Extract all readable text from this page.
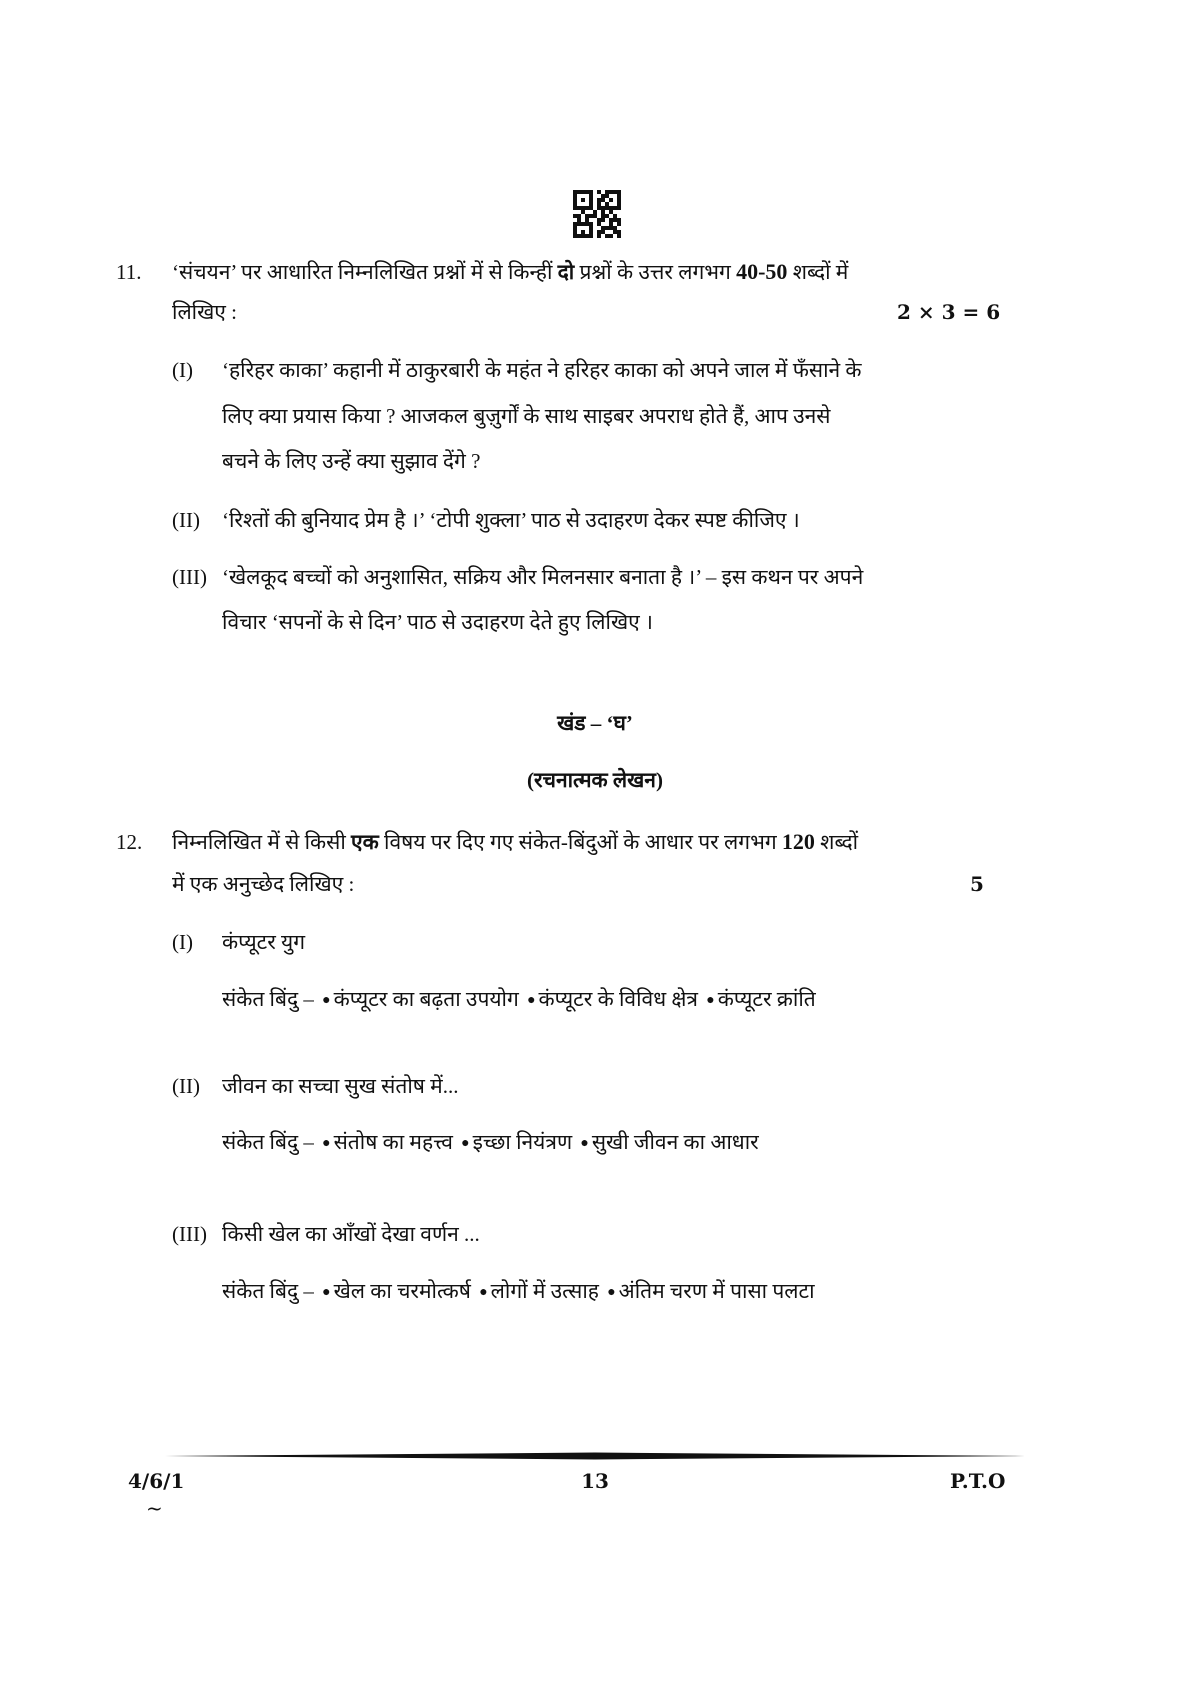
11. ‘संचयन’ पर आधारित निम्नलिखित प्रश्नों में से किन्हीं दो प्रश्नों के उत्तर लगभग 40-50 शब्दों में
लिखिए :	2 × 3 = 6
(I) ‘हरिहर काका’ कहानी में ठाकुरबारी के महंत ने हरिहर काका को अपने जाल में फँसाने के
लिए क्या प्रयास किया ? आजकल बुज़ुर्गों के साथ साइबर अपराध होते हैं, आप उनसे
बचने के लिए उन्हें क्या सुझाव देंगे ?
(II) ‘रिश्तों की बुनियाद प्रेम है ।’ ‘टोपी शुक्ला’ पाठ से उदाहरण देकर स्पष्ट कीजिए ।
(III) ‘खेलकूद बच्चों को अनुशासित, सक्रिय और मिलनसार बनाता है ।’ – इस कथन पर अपने
विचार ‘सपनों के से दिन’ पाठ से उदाहरण देते हुए लिखिए ।
खंड – ‘घ’
(रचनात्मक लेखन)
12. निम्नलिखित में से किसी एक विषय पर दिए गए संकेत-बिंदुओं के आधार पर लगभग 120 शब्दों
में एक अनुच्छेद लिखिए :	5
(I) कंप्यूटर युग
संकेत बिंदु – ● कंप्यूटर का बढ़ता उपयोग ● कंप्यूटर के विविध क्षेत्र ● कंप्यूटर क्रांति
(II) जीवन का सच्चा सुख संतोष में...
संकेत बिंदु – ● संतोष का महत्त्व ● इच्छा नियंत्रण ● सुखी जीवन का आधार
(III) किसी खेल का आँखों देखा वर्णन ...
संकेत बिंदु – ● खेल का चरमोत्कर्ष ● लोगों में उत्साह ● अंतिम चरण में पासा पलटा
4/6/1	13	P.T.O
~
